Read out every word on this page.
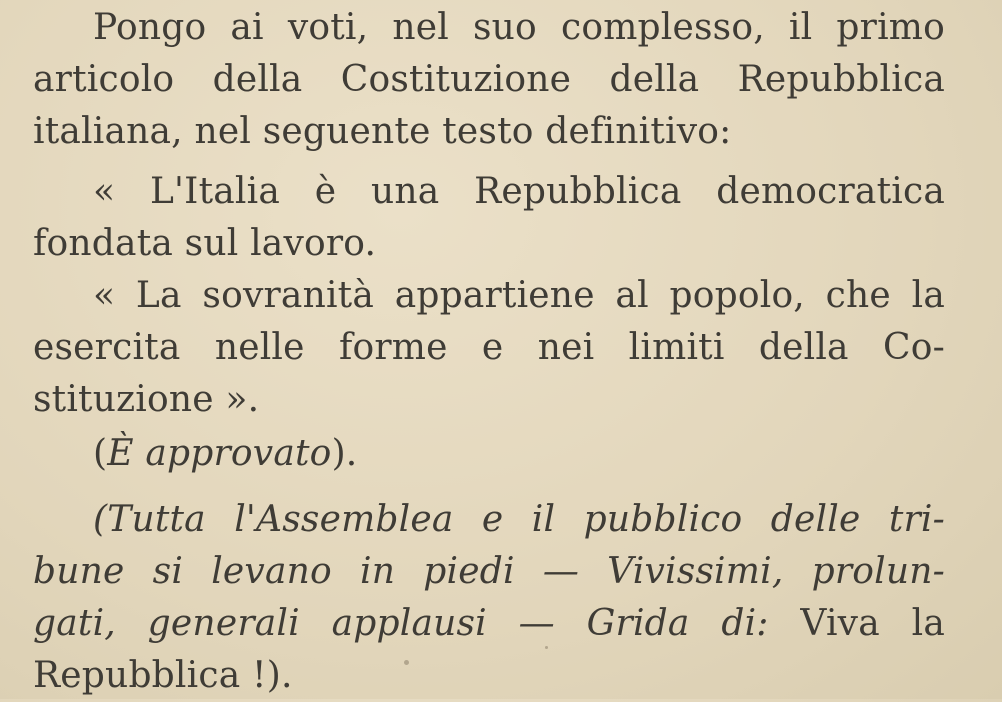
Pongo ai voti, nel suo complesso, il primo
articolo della Costituzione della Repubblica
italiana, nel seguente testo definitivo:

« L'Italia è una Repubblica democratica
fondata sul lavoro.

« La sovranità appartiene al popolo, che la
esercita nelle forme e nei limiti della Co-
stituzione ».

(È approvato).

(Tutta l'Assemblea e il pubblico delle tri-
bune si levano in piedi — Vivissimi, prolun-
gati, generali applausi — Grida di: Viva la
Repubblica !).
